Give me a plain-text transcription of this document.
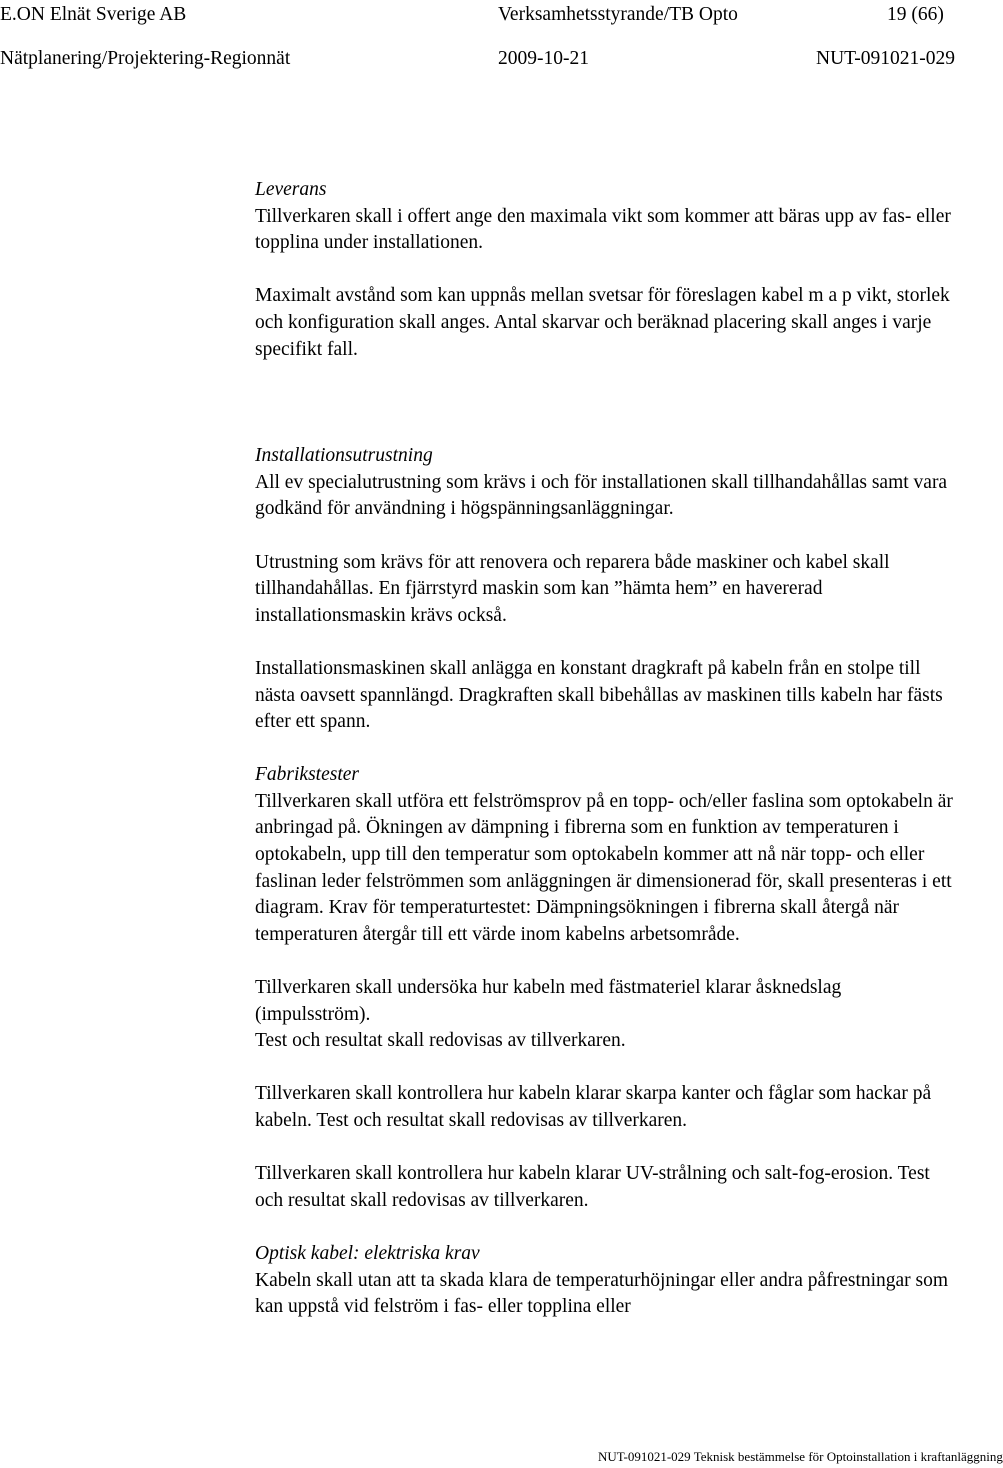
E.ON Elnät Sverige AB	Verksamhetsstyrande/TB Opto	19 (66)
Nätplanering/Projektering-Regionnät	2009-10-21	NUT-091021-029
Leverans

Tillverkaren skall i offert ange den maximala vikt som kommer att bäras upp av fas- eller topplina under installationen.

Maximalt avstånd som kan uppnås mellan svetsar för föreslagen kabel m a p vikt, storlek och konfiguration skall anges. Antal skarvar och beräknad placering skall anges i varje specifikt fall.

Installationsutrustning

All ev specialutrustning som krävs i och för installationen skall tillhandahållas samt vara godkänd för användning i högspänningsanläggningar.

Utrustning som krävs för att renovera och reparera både maskiner och kabel skall tillhandahållas. En fjärrstyrd maskin som kan ”hämta hem” en havererad installationsmaskin krävs också.

Installationsmaskinen skall anlägga en konstant dragkraft på kabeln från en stolpe till nästa oavsett spannlängd. Dragkraften skall bibehållas av maskinen tills kabeln har fästs efter ett spann.

Fabrikstester

Tillverkaren skall utföra ett felströmsprov på en topp- och/eller faslina som optokabeln är anbringad på. Ökningen av dämpning i fibrerna som en funktion av temperaturen i optokabeln, upp till den temperatur som optokabeln kommer att nå när topp- och eller faslinan leder felströmmen som anläggningen är dimensionerad för, skall presenteras i ett diagram. Krav för temperaturtestet: Dämpningsökningen i fibrerna skall återgå när temperaturen återgår till ett värde inom kabelns arbetsområde.

Tillverkaren skall undersöka hur kabeln med fästmateriel klarar åsknedslag (impulsström).

Test och resultat skall redovisas av tillverkaren.

Tillverkaren skall kontrollera hur kabeln klarar skarpa kanter och fåglar som hackar på kabeln. Test och resultat skall redovisas av tillverkaren.

Tillverkaren skall kontrollera hur kabeln klarar UV-strålning och salt-fog-erosion. Test och resultat skall redovisas av tillverkaren.

Optisk kabel: elektriska krav

Kabeln skall utan att ta skada klara de temperaturhöjningar eller andra påfrestningar som kan uppstå vid felström i fas- eller topplina eller

NUT-091021-029 Teknisk bestämmelse för Optoinstallation i kraftanläggning
